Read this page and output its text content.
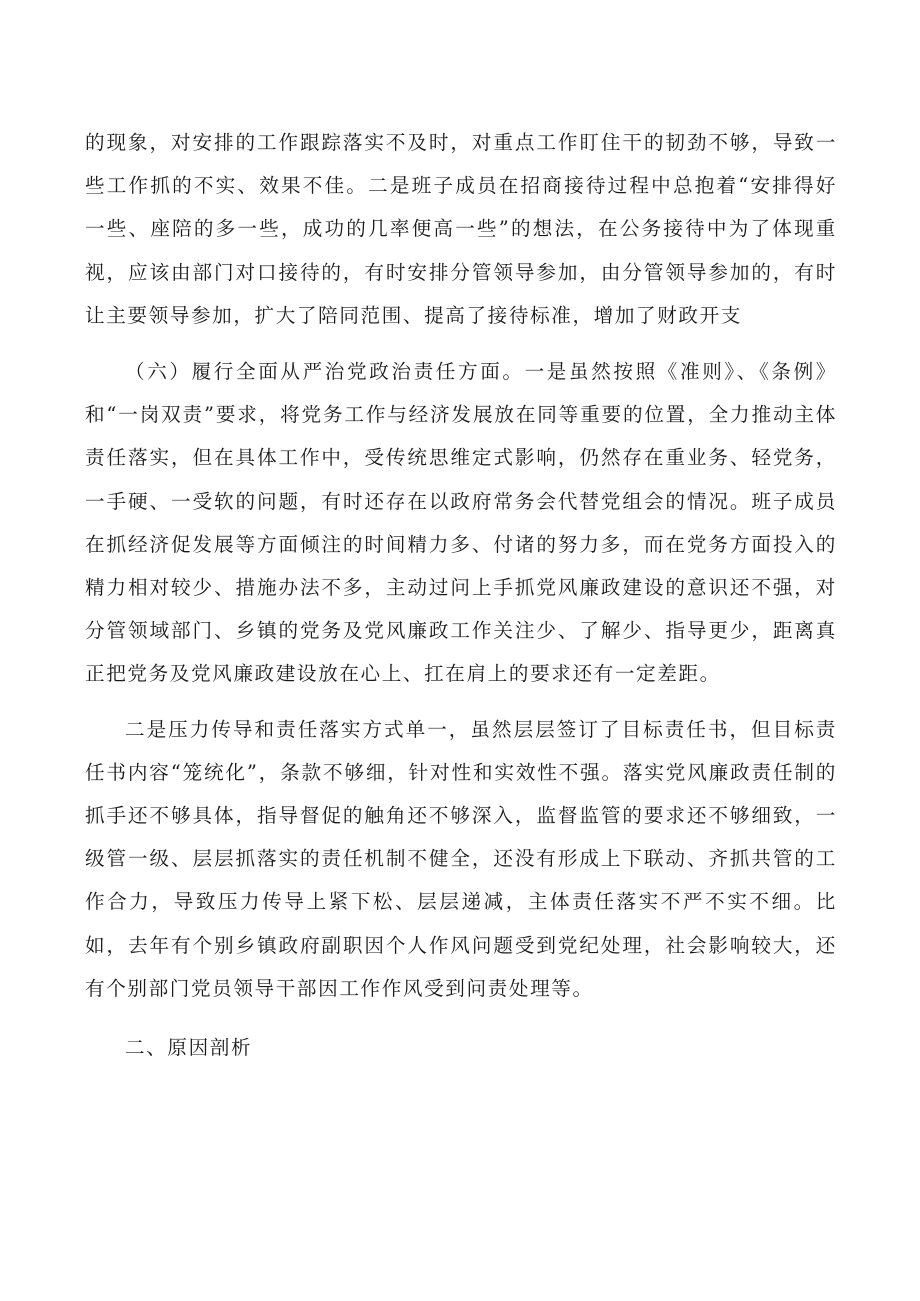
的现象，对安排的工作跟踪落实不及时，对重点工作盯住干的韧劲不够，导致一些工作抓的不实、效果不佳。二是班子成员在招商接待过程中总抱着“安排得好一些、座陪的多一些，成功的几率便高一些”的想法，在公务接待中为了体现重视，应该由部门对口接待的，有时安排分管领导参加，由分管领导参加的，有时让主要领导参加，扩大了陪同范围、提高了接待标准，增加了财政开支

（六）履行全面从严治党政治责任方面。一是虽然按照《准则》、《条例》和“一岗双责”要求，将党务工作与经济发展放在同等重要的位置，全力推动主体责任落实，但在具体工作中，受传统思维定式影响，仍然存在重业务、轻党务，一手硬、一受软的问题，有时还存在以政府常务会代替党组会的情况。班子成员在抓经济促发展等方面倾注的时间精力多、付诸的努力多，而在党务方面投入的精力相对较少、措施办法不多，主动过问上手抓党风廉政建设的意识还不强，对分管领域部门、乡镇的党务及党风廉政工作关注少、了解少、指导更少，距离真正把党务及党风廉政建设放在心上、扛在肩上的要求还有一定差距。

二是压力传导和责任落实方式单一，虽然层层签订了目标责任书，但目标责任书内容“笼统化”，条款不够细，针对性和实效性不强。落实党风廉政责任制的抓手还不够具体，指导督促的触角还不够深入，监督监管的要求还不够细致，一级管一级、层层抓落实的责任机制不健全，还没有形成上下联动、齐抓共管的工作合力，导致压力传导上紧下松、层层递减，主体责任落实不严不实不细。比如，去年有个别乡镇政府副职因个人作风问题受到党纪处理，社会影响较大，还有个别部门党员领导干部因工作作风受到问责处理等。

二、原因剖析
